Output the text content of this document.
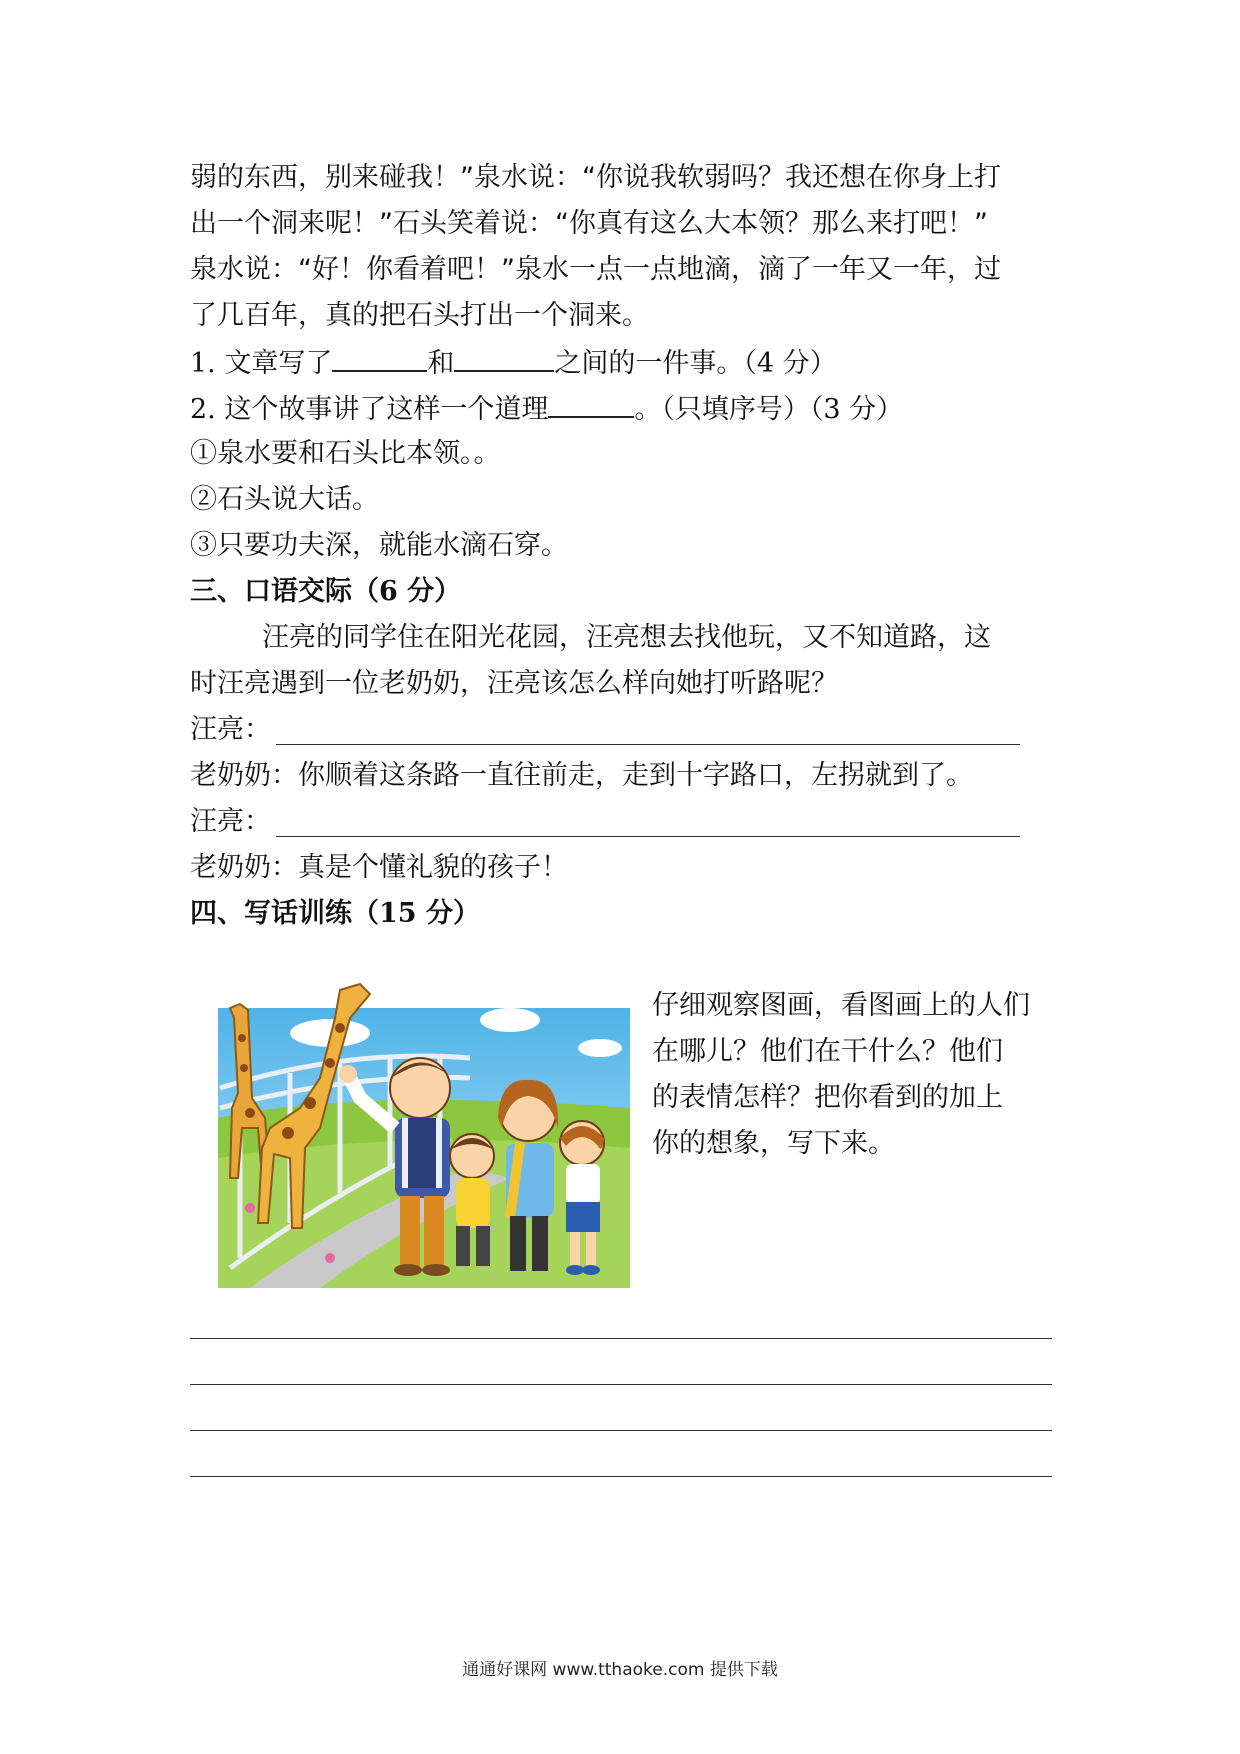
弱的东西，别来碰我！”泉水说：“你说我软弱吗？我还想在你身上打
出一个洞来呢！”石头笑着说：“你真有这么大本领？那么来打吧！”
泉水说：“好！你看着吧！”泉水一点一点地滴，滴了一年又一年，过
了几百年，真的把石头打出一个洞来。
1. 文章写了	和	之间的一件事。（4 分）
2. 这个故事讲了这样一个道理	。（只填序号）（3 分）
①泉水要和石头比本领。。
②石头说大话。
③只要功夫深，就能水滴石穿。
三、口语交际（6 分）
汪亮的同学住在阳光花园，汪亮想去找他玩，又不知道路，这
时汪亮遇到一位老奶奶，汪亮该怎么样向她打听路呢？
汪亮：
老奶奶：你顺着这条路一直往前走，走到十字路口，左拐就到了。
汪亮：
老奶奶：真是个懂礼貌的孩子！
四、写话训练（15 分）
仔细观察图画，看图画上的人们
在哪儿？他们在干什么？他们
的表情怎样？把你看到的加上
你的想象，写下来。
通通好课网 www.tthaoke.com 提供下载
